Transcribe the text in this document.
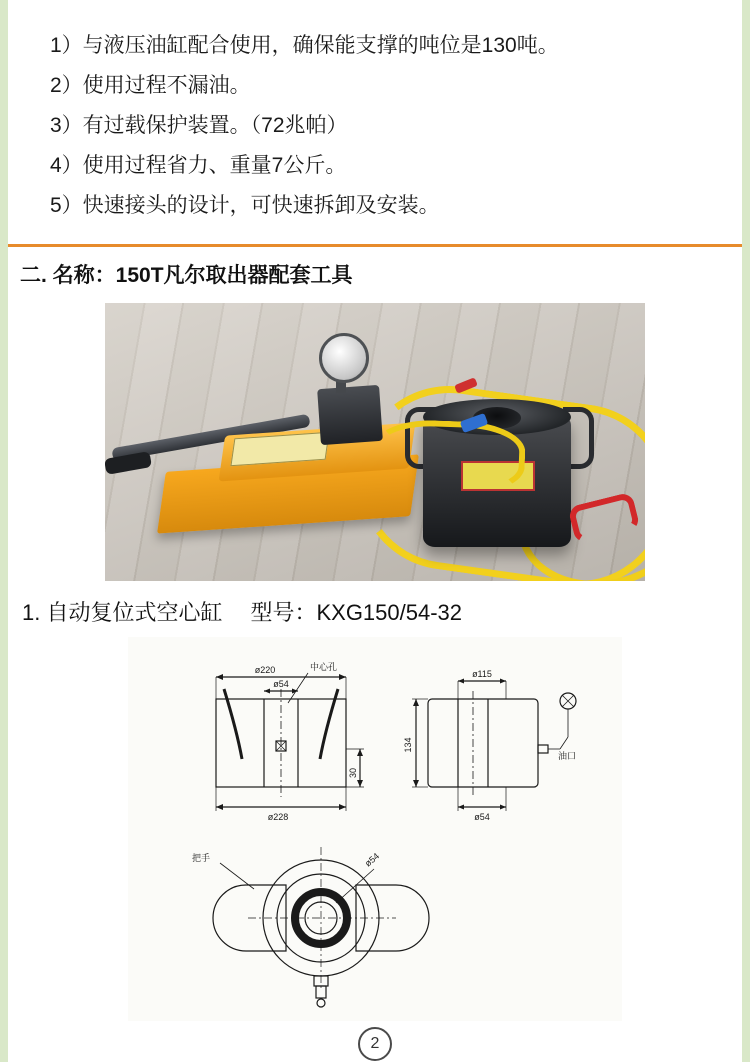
1）与液压油缸配合使用，确保能支撑的吨位是130吨。
2）使用过程不漏油。
3）有过载保护装置。（72兆帕）
4）使用过程省力、重量7公斤。
5）快速接头的设计，可快速拆卸及安装。
二. 名称：150T凡尔取出器配套工具
1. 自动复位式空心缸 型号：KXG150/54-32
ø220
ø54
中心孔
ø228
30
ø115
134
ø54
油口
把手	ø54
2
